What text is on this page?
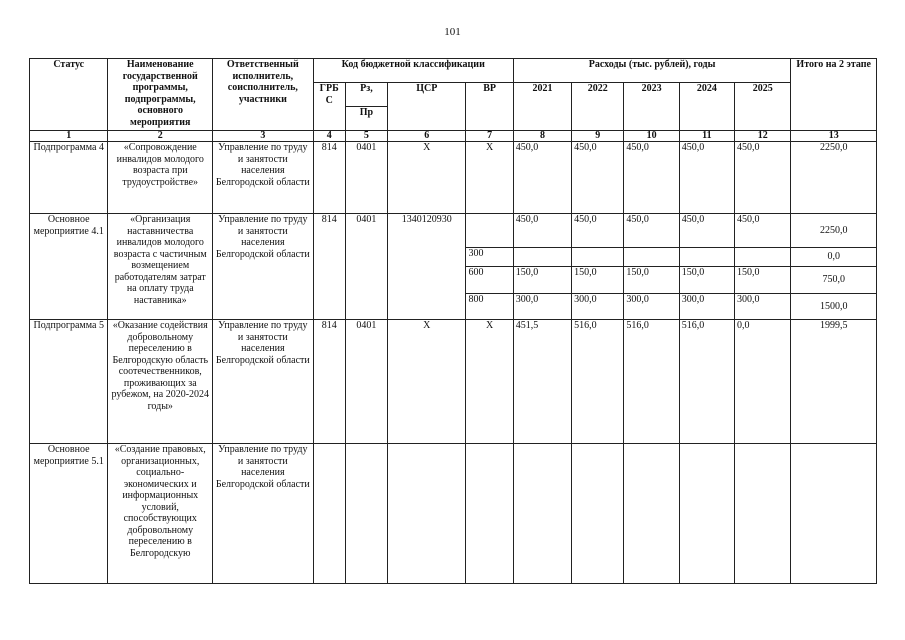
101
Статус	Наименование государственной программы, подпрограммы, основного мероприятия	Ответственный исполнитель, соисполнитель, участники	Код бюджетной классификации				Расходы (тыс. рублей), годы					Итого на 2 этапе
			ГРБ С	Рз,	ЦСР	ВР	2021	2022	2023	2024	2025	
				Пр								
1	2	3	4	5	6	7	8	9	10	11	12	13
Подпрограмма 4	«Сопровождение инвалидов молодого возраста при трудоустройстве»	Управление по труду и занятости населения Белгородской области	814	0401	Х	Х	450,0	450,0	450,0	450,0	450,0	2250,0
Основное мероприятие 4.1	«Организация наставничества инвалидов молодого возраста с частичным возмещением работодателям затрат на оплату труда наставника»	Управление по труду и занятости населения Белгородской области	814	0401	1340120930		450,0	450,0	450,0	450,0	450,0	2250,0
						300						0,0
						600	150,0	150,0	150,0	150,0	150,0	750,0
						800	300,0	300,0	300,0	300,0	300,0	1500,0
Подпрограмма 5	«Оказание содействия добровольному переселению в Белгородскую область соотечественников, проживающих за рубежом, на 2020-2024 годы»	Управление по труду и занятости населения Белгородской области	814	0401	Х	Х	451,5	516,0	516,0	516,0	0,0	1999,5
Основное мероприятие 5.1	«Создание правовых, организационных, социально-экономических и информационных условий, способствующих добровольному переселению в Белгородскую	Управление по труду и занятости населения Белгородской области										
